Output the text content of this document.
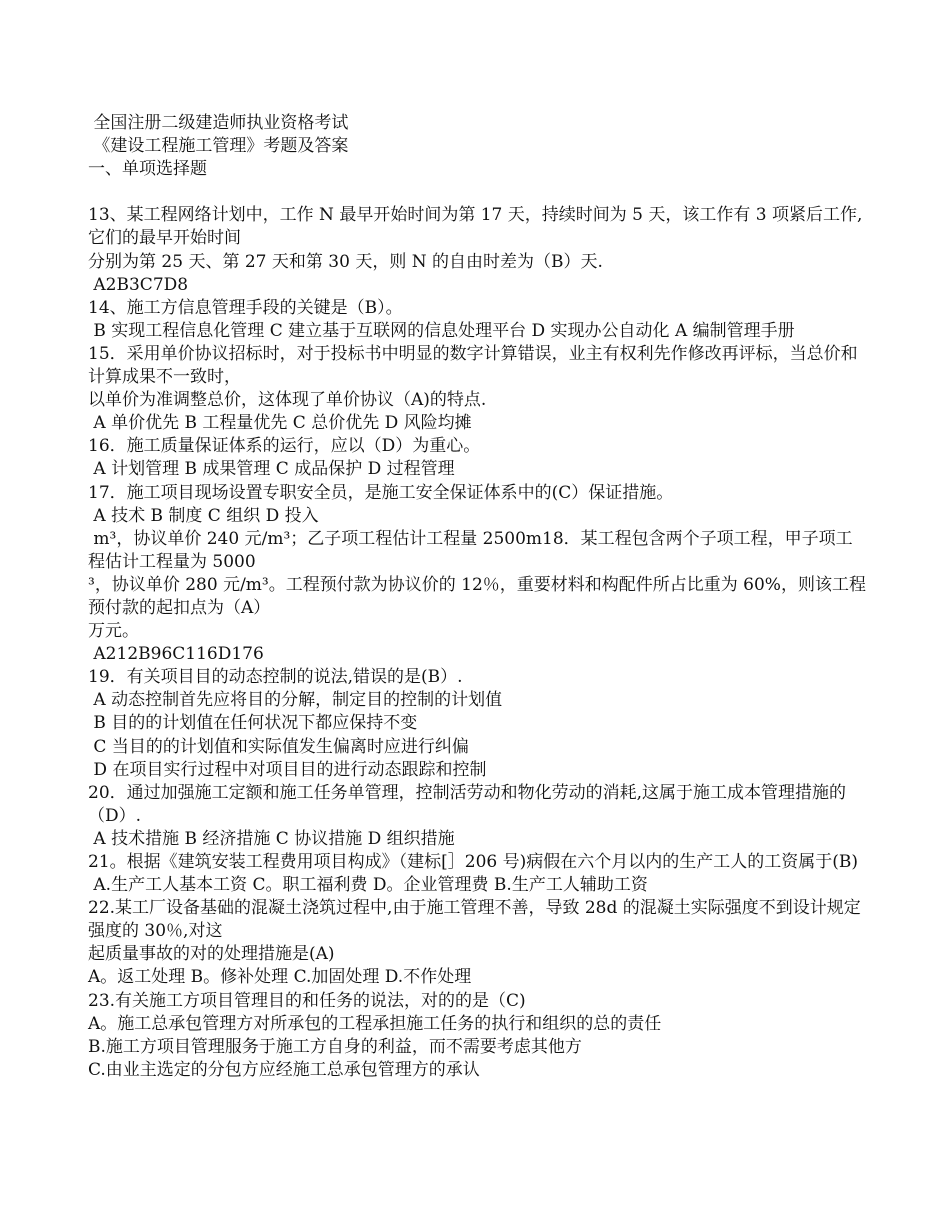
全国注册二级建造师执业资格考试
《建设工程施工管理》考题及答案
一、单项选择题
13、某工程网络计划中，工作 N 最早开始时间为第 17 天，持续时间为 5 天，该工作有 3 项紧后工作,它们的最早开始时间
分别为第 25 天、第 27 天和第 30 天，则 N 的自由时差为（B）天.
A2B3C7D8
14、施工方信息管理手段的关键是（B）。
B 实现工程信息化管理 C 建立基于互联网的信息处理平台 D 实现办公自动化 A 编制管理手册
15．采用单价协议招标时，对于投标书中明显的数字计算错误，业主有权利先作修改再评标，当总价和计算成果不一致时，
以单价为准调整总价，这体现了单价协议（A)的特点.
A 单价优先 B 工程量优先 C 总价优先 D 风险均摊
16．施工质量保证体系的运行，应以（D）为重心。
A 计划管理 B 成果管理 C 成品保护 D 过程管理
17．施工项目现场设置专职安全员，是施工安全保证体系中的(C）保证措施。
A 技术 B 制度 C 组织 D 投入
m³，协议单价 240 元/m³；乙子项工程估计工程量 2500m18．某工程包含两个子项工程，甲子项工程估计工程量为 5000
³，协议单价 280 元/m³。工程预付款为协议价的 12％，重要材料和构配件所占比重为 60%，则该工程预付款的起扣点为（A）
万元。
A212B96C116D176
19．有关项目目的动态控制的说法,错误的是(B）.
A 动态控制首先应将目的分解，制定目的控制的计划值
B 目的的计划值在任何状况下都应保持不变
C 当目的的计划值和实际值发生偏离时应进行纠偏
D 在项目实行过程中对项目目的进行动态跟踪和控制
20．通过加强施工定额和施工任务单管理，控制活劳动和物化劳动的消耗,这属于施工成本管理措施的（D）.
A 技术措施 B 经济措施 C 协议措施 D 组织措施
21。根据《建筑安装工程费用项目构成》（建标[］206 号)病假在六个月以内的生产工人的工资属于(B)
A.生产工人基本工资 C。职工福利费 D。企业管理费 B.生产工人辅助工资
22.某工厂设备基础的混凝土浇筑过程中,由于施工管理不善，导致 28d 的混凝土实际强度不到设计规定强度的 30％,对这
起质量事故的对的处理措施是(A)
A。返工处理 B。修补处理 C.加固处理 D.不作处理
23.有关施工方项目管理目的和任务的说法，对的的是（C)
A。施工总承包管理方对所承包的工程承担施工任务的执行和组织的总的责任
B.施工方项目管理服务于施工方自身的利益，而不需要考虑其他方
C.由业主选定的分包方应经施工总承包管理方的承认
